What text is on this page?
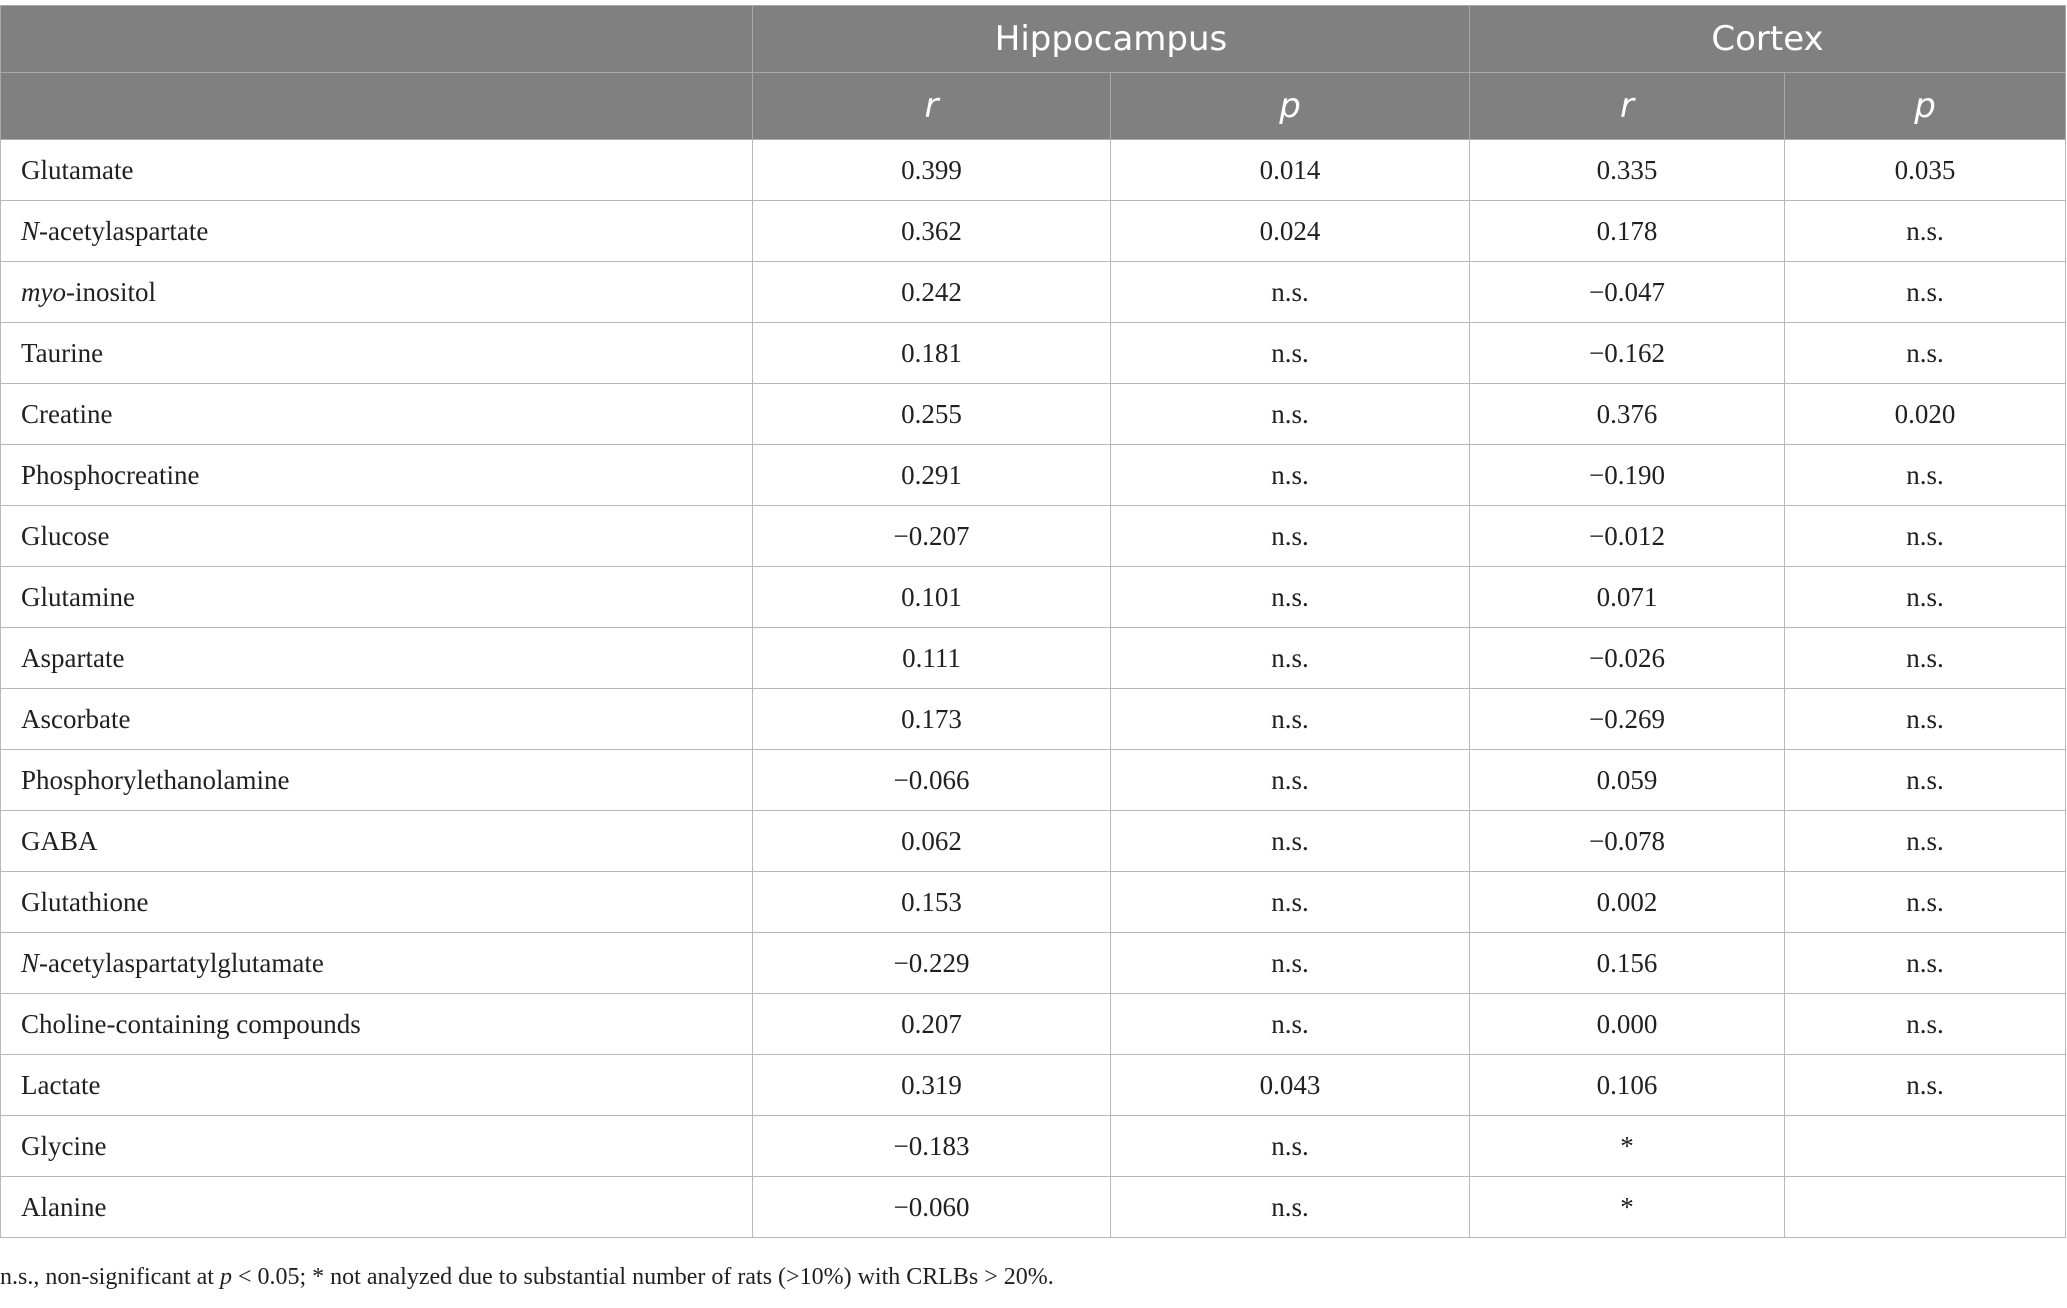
	Hippocampus		Cortex	
	r	p	r	p
Glutamate	0.399	0.014	0.335	0.035
N-acetylaspartate	0.362	0.024	0.178	n.s.
myo-inositol	0.242	n.s.	−0.047	n.s.
Taurine	0.181	n.s.	−0.162	n.s.
Creatine	0.255	n.s.	0.376	0.020
Phosphocreatine	0.291	n.s.	−0.190	n.s.
Glucose	−0.207	n.s.	−0.012	n.s.
Glutamine	0.101	n.s.	0.071	n.s.
Aspartate	0.111	n.s.	−0.026	n.s.
Ascorbate	0.173	n.s.	−0.269	n.s.
Phosphorylethanolamine	−0.066	n.s.	0.059	n.s.
GABA	0.062	n.s.	−0.078	n.s.
Glutathione	0.153	n.s.	0.002	n.s.
N-acetylaspartatylglutamate	−0.229	n.s.	0.156	n.s.
Choline-containing compounds	0.207	n.s.	0.000	n.s.
Lactate	0.319	0.043	0.106	n.s.
Glycine	−0.183	n.s.	*	
Alanine	−0.060	n.s.	*	
n.s., non-significant at p < 0.05; * not analyzed due to substantial number of rats (>10%) with CRLBs > 20%.
